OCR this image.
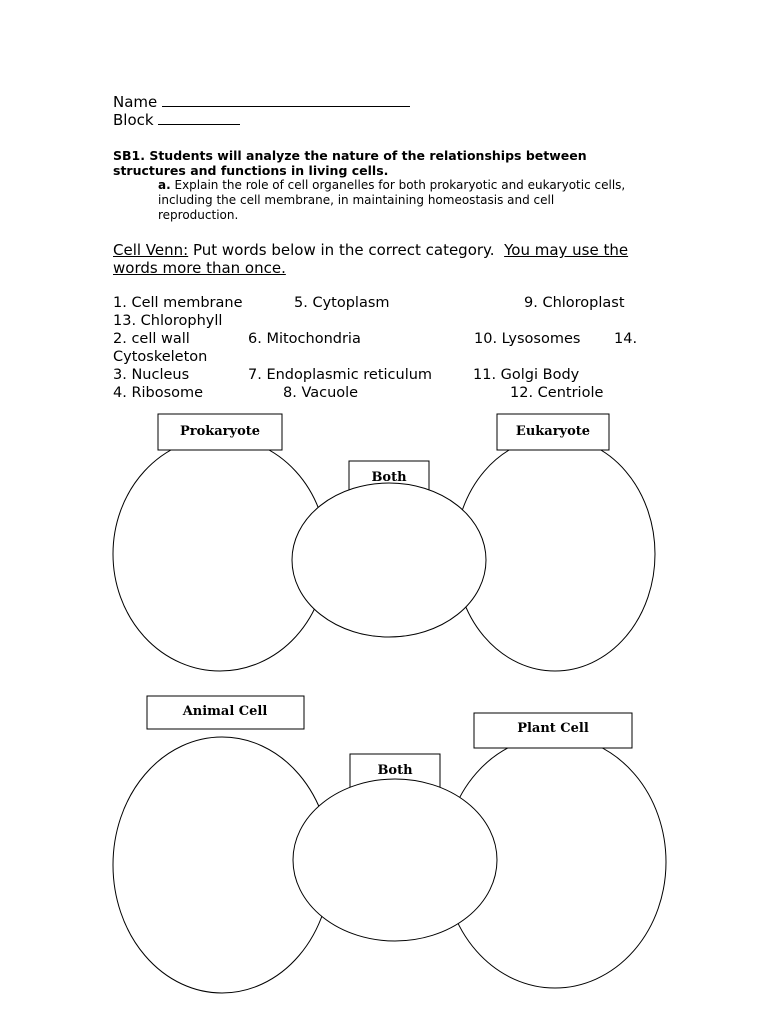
Name
Block
SB1. Students will analyze the nature of the relationships between
structures and functions in living cells.
a. Explain the role of cell organelles for both prokaryotic and eukaryotic cells,
including the cell membrane, in maintaining homeostasis and cell
reproduction.
Cell Venn: Put words below in the correct category. You may use the
words more than once.
1. Cell membrane	5. Cytoplasm	9. Chloroplast
13. Chlorophyll
2. cell wall	6. Mitochondria	10. Lysosomes 14.
Cytoskeleton
3. Nucleus	7. Endoplasmic reticulum	11. Golgi Body
4. Ribosome	8. Vacuole	12. Centriole
Prokaryote	Eukaryote
Both
Animal Cell
Plant Cell
Both
